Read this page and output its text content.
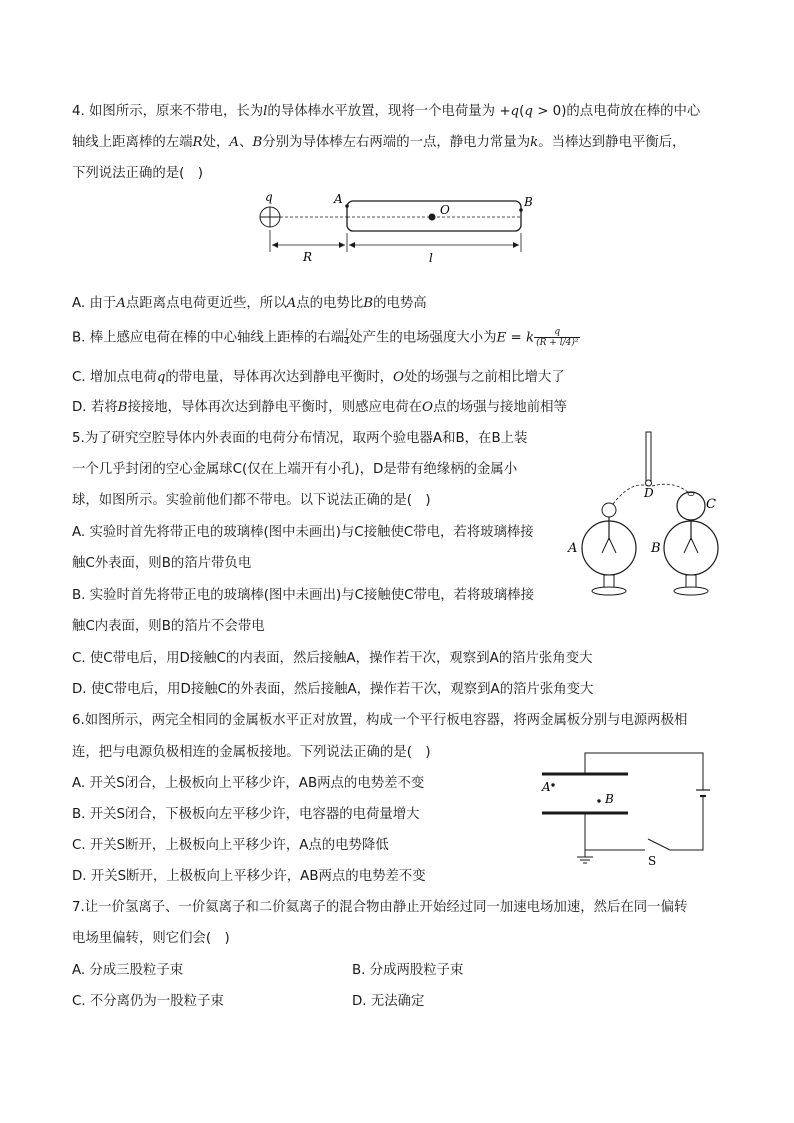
4. 如图所示，原来不带电，长为l的导体棒水平放置，现将一个电荷量为 +q(q > 0)的点电荷放在棒的中心
轴线上距离棒的左端R处，A、B分别为导体棒左右两端的一点，静电力常量为k。当棒达到静电平衡后，
下列说法正确的是(　)
q
O
A	B
R	l
A. 由于A点距离点电荷更近些，所以A点的电势比B的电势高
B. 棒上感应电荷在棒的中心轴线上距棒的右端 $\frac{l}{4}$处产生的电场强度大小为E = k $\frac{q}{\text{(R + l/4)²}}$
C. 增加点电荷q的带电量，导体再次达到静电平衡时，O处的场强与之前相比增大了
D. 若将B接接地，导体再次达到静电平衡时，则感应电荷在O点的场强与接地前相等
5.为了研究空腔导体内外表面的电荷分布情况，取两个验电器A和B，在B上装
一个几乎封闭的空心金属球C(仅在上端开有小孔)，D是带有绝缘柄的金属小
球，如图所示。实验前他们都不带电。以下说法正确的是(　)
A. 实验时首先将带正电的玻璃棒(图中未画出)与C接触使C带电，若将玻璃棒接
触C外表面，则B的箔片带负电
B. 实验时首先将带正电的玻璃棒(图中未画出)与C接触使C带电，若将玻璃棒接
触C内表面，则B的箔片不会带电
C. 使C带电后，用D接触C的内表面，然后接触A，操作若干次，观察到A的箔片张角变大
D. 使C带电后，用D接触C的外表面，然后接触A，操作若干次，观察到A的箔片张角变大
D
A	B
C
6.如图所示，两完全相同的金属板水平正对放置，构成一个平行板电容器，将两金属板分别与电源两极相
连，把与电源负极相连的金属板接地。下列说法正确的是(　)
A. 开关S闭合，上极板向上平移少许，AB两点的电势差不变
B. 开关S闭合，下极板向左平移少许，电容器的电荷量增大
C. 开关S断开，上极板向上平移少许，A点的电势降低
D. 开关S断开，上极板向上平移少许，AB两点的电势差不变
A
B
S
7.让一价氢离子、一价氦离子和二价氦离子的混合物由静止开始经过同一加速电场加速，然后在同一偏转
电场里偏转，则它们会(　)
A. 分成三股粒子束	B. 分成两股粒子束
C. 不分离仍为一股粒子束	D. 无法确定
